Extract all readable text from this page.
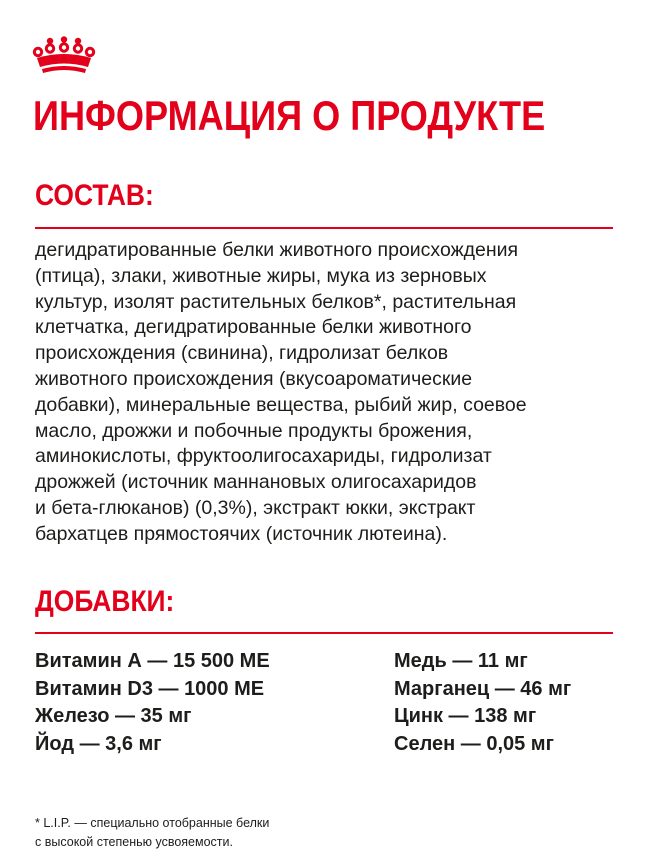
ИНФОРМАЦИЯ О ПРОДУКТЕ
СОСТАВ:

дегидратированные белки животного происхождения
(птица), злаки, животные жиры, мука из зерновых
культур, изолят растительных белков*, растительная
клетчатка, дегидратированные белки животного
происхождения (свинина), гидролизат белков
животного происхождения (вкусоароматические
добавки), минеральные вещества, рыбий жир, соевое
масло, дрожжи и побочные продукты брожения,
аминокислоты, фруктоолигосахариды, гидролизат
дрожжей (источник маннановых олигосахаридов
и бета-глюканов) (0,3%), экстракт юкки, экстракт
бархатцев прямостоячих (источник лютеина).

ДОБАВКИ:
Витамин А — 15 500 МЕ
Витамин D3 — 1000 МЕ
Железо — 35 мг
Йод — 3,6 мг
Медь — 11 мг
Марганец — 46 мг
Цинк — 138 мг
Селен — 0,05 мг

* L.I.P. — специально отобранные белки
с высокой степенью усвояемости.
